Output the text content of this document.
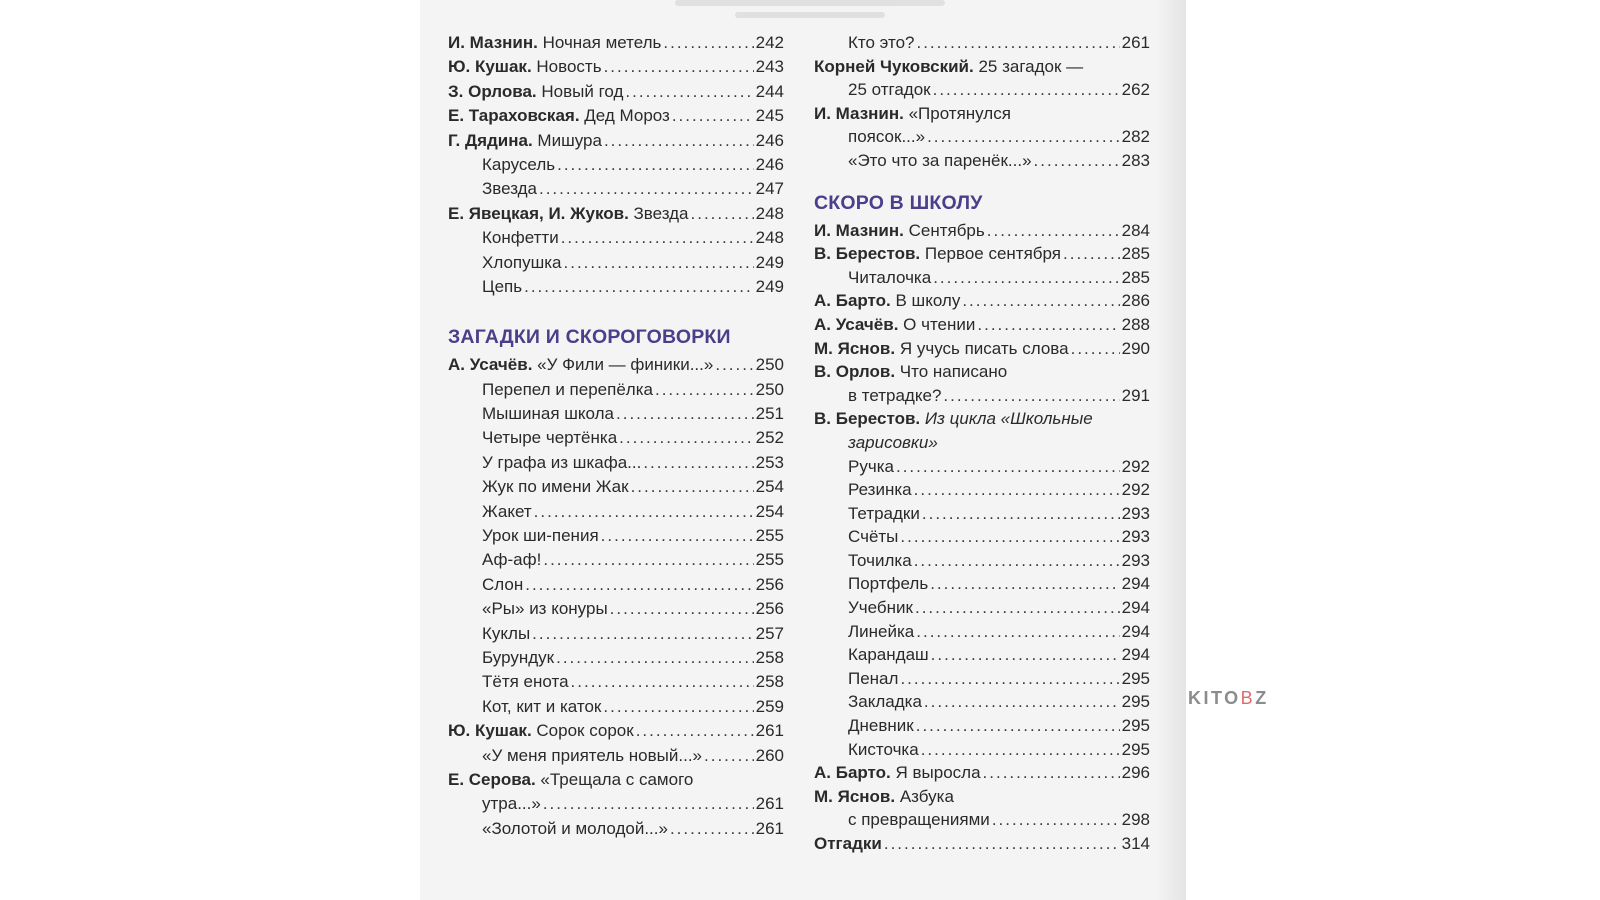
И. Мазнин. Ночная метель .....	242
Ю. Кушак. Новость .....	243
З. Орлова. Новый год .....	244
Е. Тараховская. Дед Мороз .....	245
Г. Дядина. Мишура .....	246
Карусель .....	246
Звезда .....	247
Е. Явецкая, И. Жуков. Звезда .....	248
Конфетти .....	248
Хлопушка .....	249
Цепь .....	249
ЗАГАДКИ И СКОРОГОВОРКИ
А. Усачёв. «У Фили — финики...» ..... 250
Перепел и перепёлка .....	250
Мышиная школа .....	251
Четыре чертёнка .....	252
У графа из шкафа... .....	253
Жук по имени Жак .....	254
Жакет .....	254
Урок ши-пения .....	255
Аф-аф! .....	255
Слон .....	256
«Ры» из конуры .....	256
Куклы .....	257
Бурундук .....	258
Тётя енота .....	258
Кот, кит и каток .....	259
Ю. Кушак. Сорок сорок .....	261
«У меня приятель новый...» .....	260
Е. Серова. «Трещала с самого
утра...» .....	261
«Золотой и молодой...» .....	261
Кто это? .....	261
Корней Чуковский. 25 загадок —
25 отгадок .....	262
И. Мазнин. «Протянулся
поясок...» .....	282
«Это что за паренёк...» .....	283
СКОРО В ШКОЛУ
И. Мазнин. Сентябрь .....	284
В. Берестов. Первое сентября .....	285
Читалочка .....	285
А. Барто. В школу .....	286
А. Усачёв. О чтении .....	288
М. Яснов. Я учусь писать слова .....	290
В. Орлов. Что написано
в тетрадке? .....	291
В. Берестов. Из цикла «Школьные
зарисовки»
Ручка .....	292
Резинка .....	292
Тетрадки .....	293
Счёты .....	293
Точилка .....	293
Портфель .....	294
Учебник .....	294
Линейка .....	294
Карандаш .....	294
Пенал .....	295
Закладка .....	295
Дневник .....	295
Кисточка .....	295
А. Барто. Я выросла .....	296
М. Яснов. Азбука
с превращениями .....	298
Отгадки .....	314
KITOBZ
